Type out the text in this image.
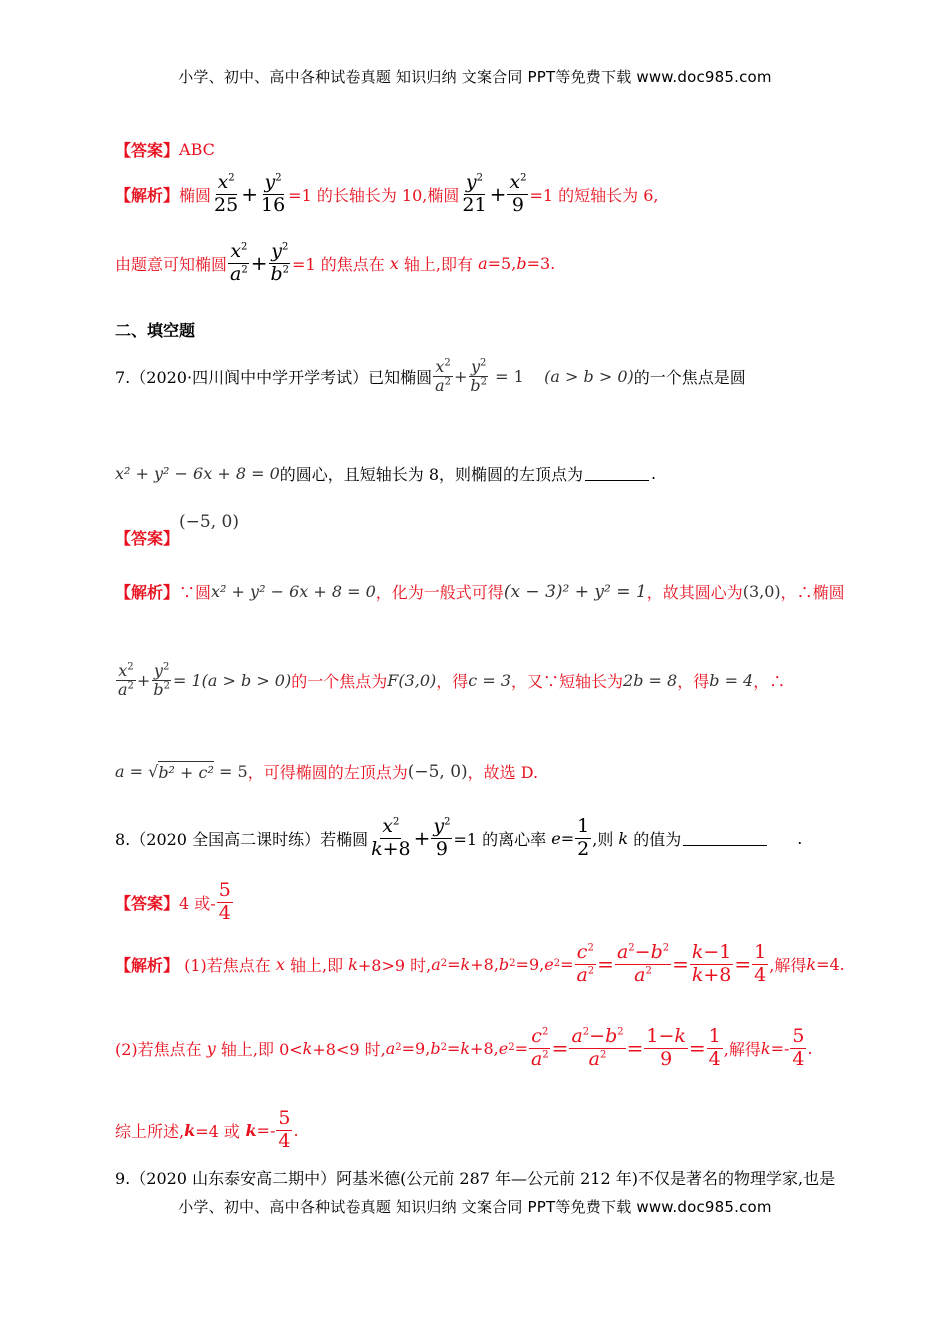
小学、初中、高中各种试卷真题 知识归纳 文案合同 PPT等免费下载 www.doc985.com
【答案】 ABC
【解析】 椭圆
$x^2$
$25 + \frac{y^2}{16} =1$ 的长轴长为 10,椭圆
$y^2$
$21 + \frac{x^2}{9} =1$ 的短轴长为 6,
由题意可知椭圆
$x^2$
$a^2 + \frac{y^2}{b^2} =1$ 的焦点在 x 轴上,即有 a =5, b =3.
二、填空题
7.（2020·四川阆中中学开学考试）已知椭圆
$x^2$
$a^2 + \frac{y^2}{b^2} = 1$ (a > b > 0) 的一个焦点是圆
x² + y² − 6x + 8 = 0 的圆心，且短轴长为 8，则椭圆的左顶点为	.
【答案】
(−5, 0)
【解析】 ∵圆 x² + y² − 6x + 8 = 0 ，化为一般式可得 (x − 3)² + y² = 1 ，故其圆心为 (3,0) ，∴椭圆
$x^2$
$a^2 + \frac{y^2}{b^2} = 1(a > b > 0)$ 的一个焦点为 F(3,0) ，得 c = 3 ，又∵短轴长为 2b = 8 ，得 b = 4 ，∴
a = √ b² + c²
= 5 ，可得椭圆的左顶点为 (−5, 0) ，故选 D.
8.（2020 全国高二课时练）若椭圆
$x^2$
$k+8 + \frac{y^2}{9} =1$ 的离心率 $e = \frac{1}{2}$ ,则 k 的值为	.
【答案】 4 或-
5
4
【解析】
(1)若焦点在 x 轴上,即 k +8>9 时, a 2 = k +8, b 2 =9, e $2 = \frac{c^2}{a^2} = \frac{a^2-b^2}{a^2} = \frac{k-1}{k+8} = \frac{1}{4}$ ,解得 k =4.
(2)若焦点在 y 轴上,即 0< k +8<9 时, a 2 =9, b 2 = k +8, e $2 = \frac{c^2}{a^2} = \frac{a^2-b^2}{a^2} = \frac{1-k}{9} = \frac{1}{4}$ ,解得 k =-
5
4 .
综上所述, k =4 或 k =-
5
4 .
9.（2020 山东泰安高二期中）阿基米德(公元前 287 年—公元前 212 年)不仅是著名的物理学家,也是
小学、初中、高中各种试卷真题 知识归纳 文案合同 PPT等免费下载 www.doc985.com
